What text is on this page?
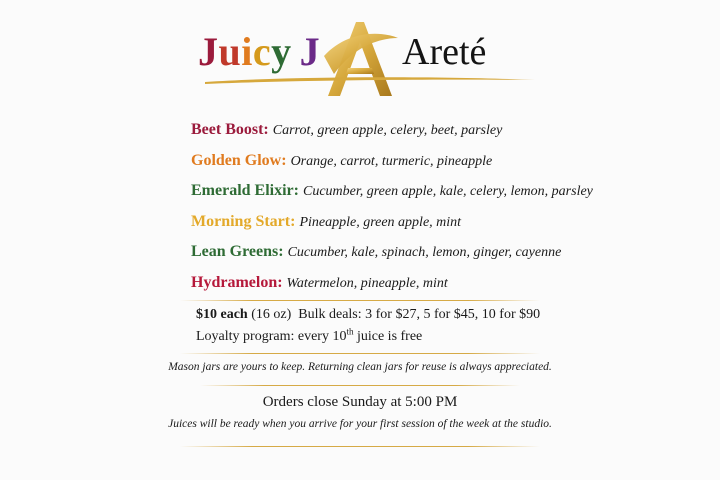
Juicy J Areté
Beet Boost: Carrot, green apple, celery, beet, parsley
Golden Glow: Orange, carrot, turmeric, pineapple
Emerald Elixir: Cucumber, green apple, kale, celery, lemon, parsley
Morning Start: Pineapple, green apple, mint
Lean Greens: Cucumber, kale, spinach, lemon, ginger, cayenne
Hydramelon: Watermelon, pineapple, mint
$10 each (16 oz) Bulk deals: 3 for $27, 5 for $45, 10 for $90
Loyalty program: every 10th juice is free
Mason jars are yours to keep. Returning clean jars for reuse is always appreciated.
Orders close Sunday at 5:00 PM
Juices will be ready when you arrive for your first session of the week at the studio.
